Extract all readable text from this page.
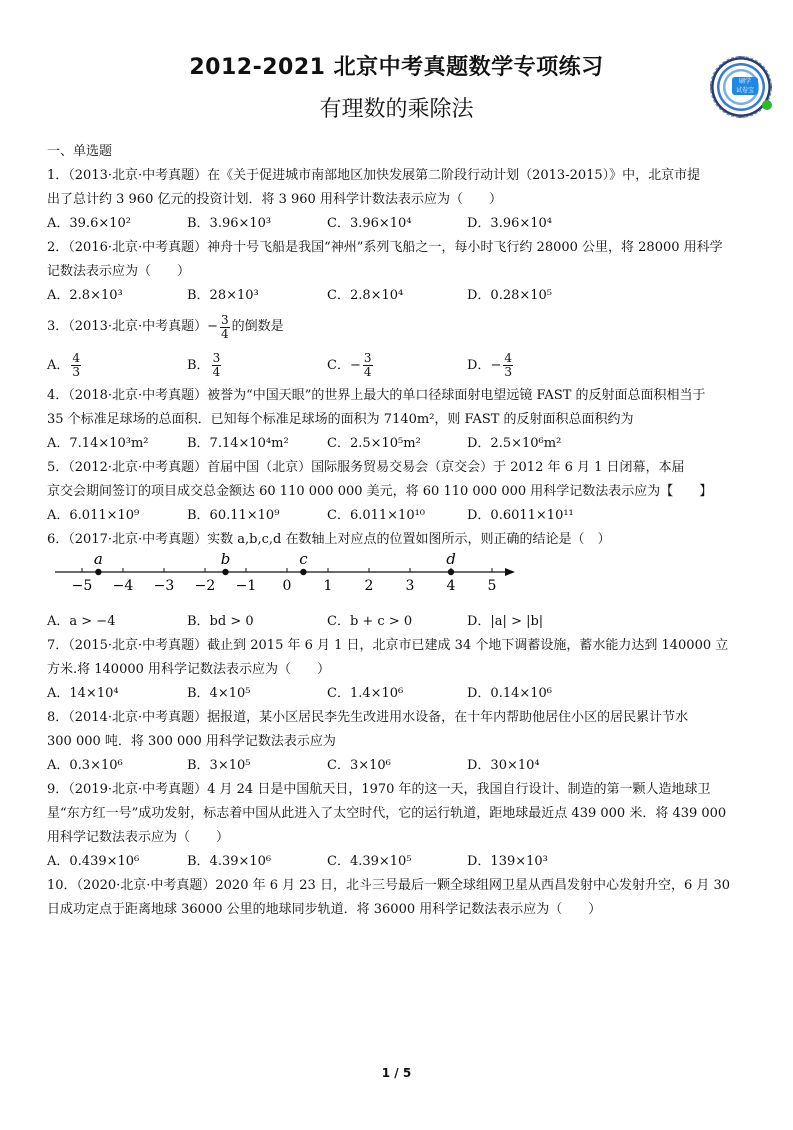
2012-2021 北京中考真题数学专项练习
有理数的乘除法
刷学
试卷宝
一、单选题
1．（2013·北京·中考真题）在《关于促进城市南部地区加快发展第二阶段行动计划（2013-2015）》中，北京市提
出了总计约 3 960 亿元的投资计划．将 3 960 用科学计数法表示应为（　　）
A．39.6×10²	B．3.96×10³	C．3.96×10⁴	D．3.96×10⁴
2．（2016·北京·中考真题）神舟十号飞船是我国“神州”系列飞船之一，每小时飞行约 28000 公里，将 28000 用科学
记数法表示应为（　　）
A．2.8×10³	B．28×10³	C．2.8×10⁴	D．0.28×10⁵
3．（2013·北京·中考真题）− $\frac{3}{4}$ 的倒数是
A． $\frac{4}{3}$	B． $\frac{3}{4}$	C．− $\frac{3}{4}$	D．− $\frac{4}{3}$
4．（2018·北京·中考真题）被誉为“中国天眼”的世界上最大的单口径球面射电望远镜 FAST 的反射面总面积相当于
35 个标准足球场的总面积．已知每个标准足球场的面积为 7140m²，则 FAST 的反射面积总面积约为
A．7.14×10³m²	B．7.14×10⁴m²	C．2.5×10⁵m²	D．2.5×10⁶m²
5．（2012·北京·中考真题）首届中国（北京）国际服务贸易交易会（京交会）于 2012 年 6 月 1 日闭幕，本届
京交会期间签订的项目成交总金额达 60 110 000 000 美元，将 60 110 000 000 用科学记数法表示应为【　　】
A．6.011×10⁹	B．60.11×10⁹	C．6.011×10¹⁰	D．0.6011×10¹¹
6．（2017·北京·中考真题）实数 a,b,c,d 在数轴上对应点的位置如图所示，则正确的结论是（　）
−5 −4 −3 −2 −1 0 1 2 3 4 5
a	b	c	d
A．a > −4	B．bd > 0	C．b + c > 0	D．|a| > |b|
7．（2015·北京·中考真题）截止到 2015 年 6 月 1 日，北京市已建成 34 个地下调蓄设施，蓄水能力达到 140000 立
方米.将 140000 用科学记数法表示应为（　　）
A．14×10⁴	B．4×10⁵	C．1.4×10⁶	D．0.14×10⁶
8．（2014·北京·中考真题）据报道，某小区居民李先生改进用水设备，在十年内帮助他居住小区的居民累计节水
300 000 吨．将 300 000 用科学记数法表示应为
A．0.3×10⁶	B．3×10⁵	C．3×10⁶	D．30×10⁴
9．（2019·北京·中考真题）4 月 24 日是中国航天日，1970 年的这一天，我国自行设计、制造的第一颗人造地球卫
星“东方红一号”成功发射，标志着中国从此进入了太空时代，它的运行轨道，距地球最近点 439 000 米．将 439 000
用科学记数法表示应为（　　）
A．0.439×10⁶	B．4.39×10⁶	C．4.39×10⁵	D．139×10³
10．（2020·北京·中考真题）2020 年 6 月 23 日，北斗三号最后一颗全球组网卫星从西昌发射中心发射升空，6 月 30
日成功定点于距离地球 36000 公里的地球同步轨道．将 36000 用科学记数法表示应为（　　）
1 / 5
